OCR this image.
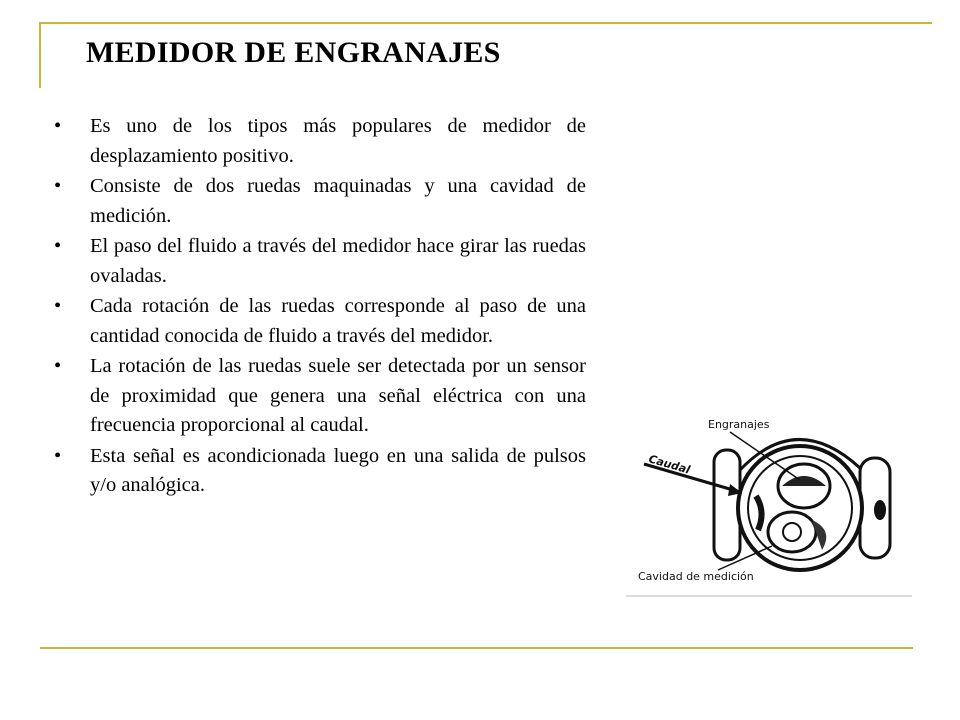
MEDIDOR DE ENGRANAJES
• Es uno de los tipos más populares de medidor de desplazamiento positivo.
• Consiste de dos ruedas maquinadas y una cavidad de medición.
• El paso del fluido a través del medidor hace girar las ruedas ovaladas.
• Cada rotación de las ruedas corresponde al paso de una cantidad conocida de fluido a través del medidor.
• La rotación de las ruedas suele ser detectada por un sensor de proximidad que genera una señal eléctrica con una frecuencia proporcional al caudal.
• Esta señal es acondicionada luego en una salida de pulsos y/o analógica.
Engranajes
Caudal
Cavidad de medición
